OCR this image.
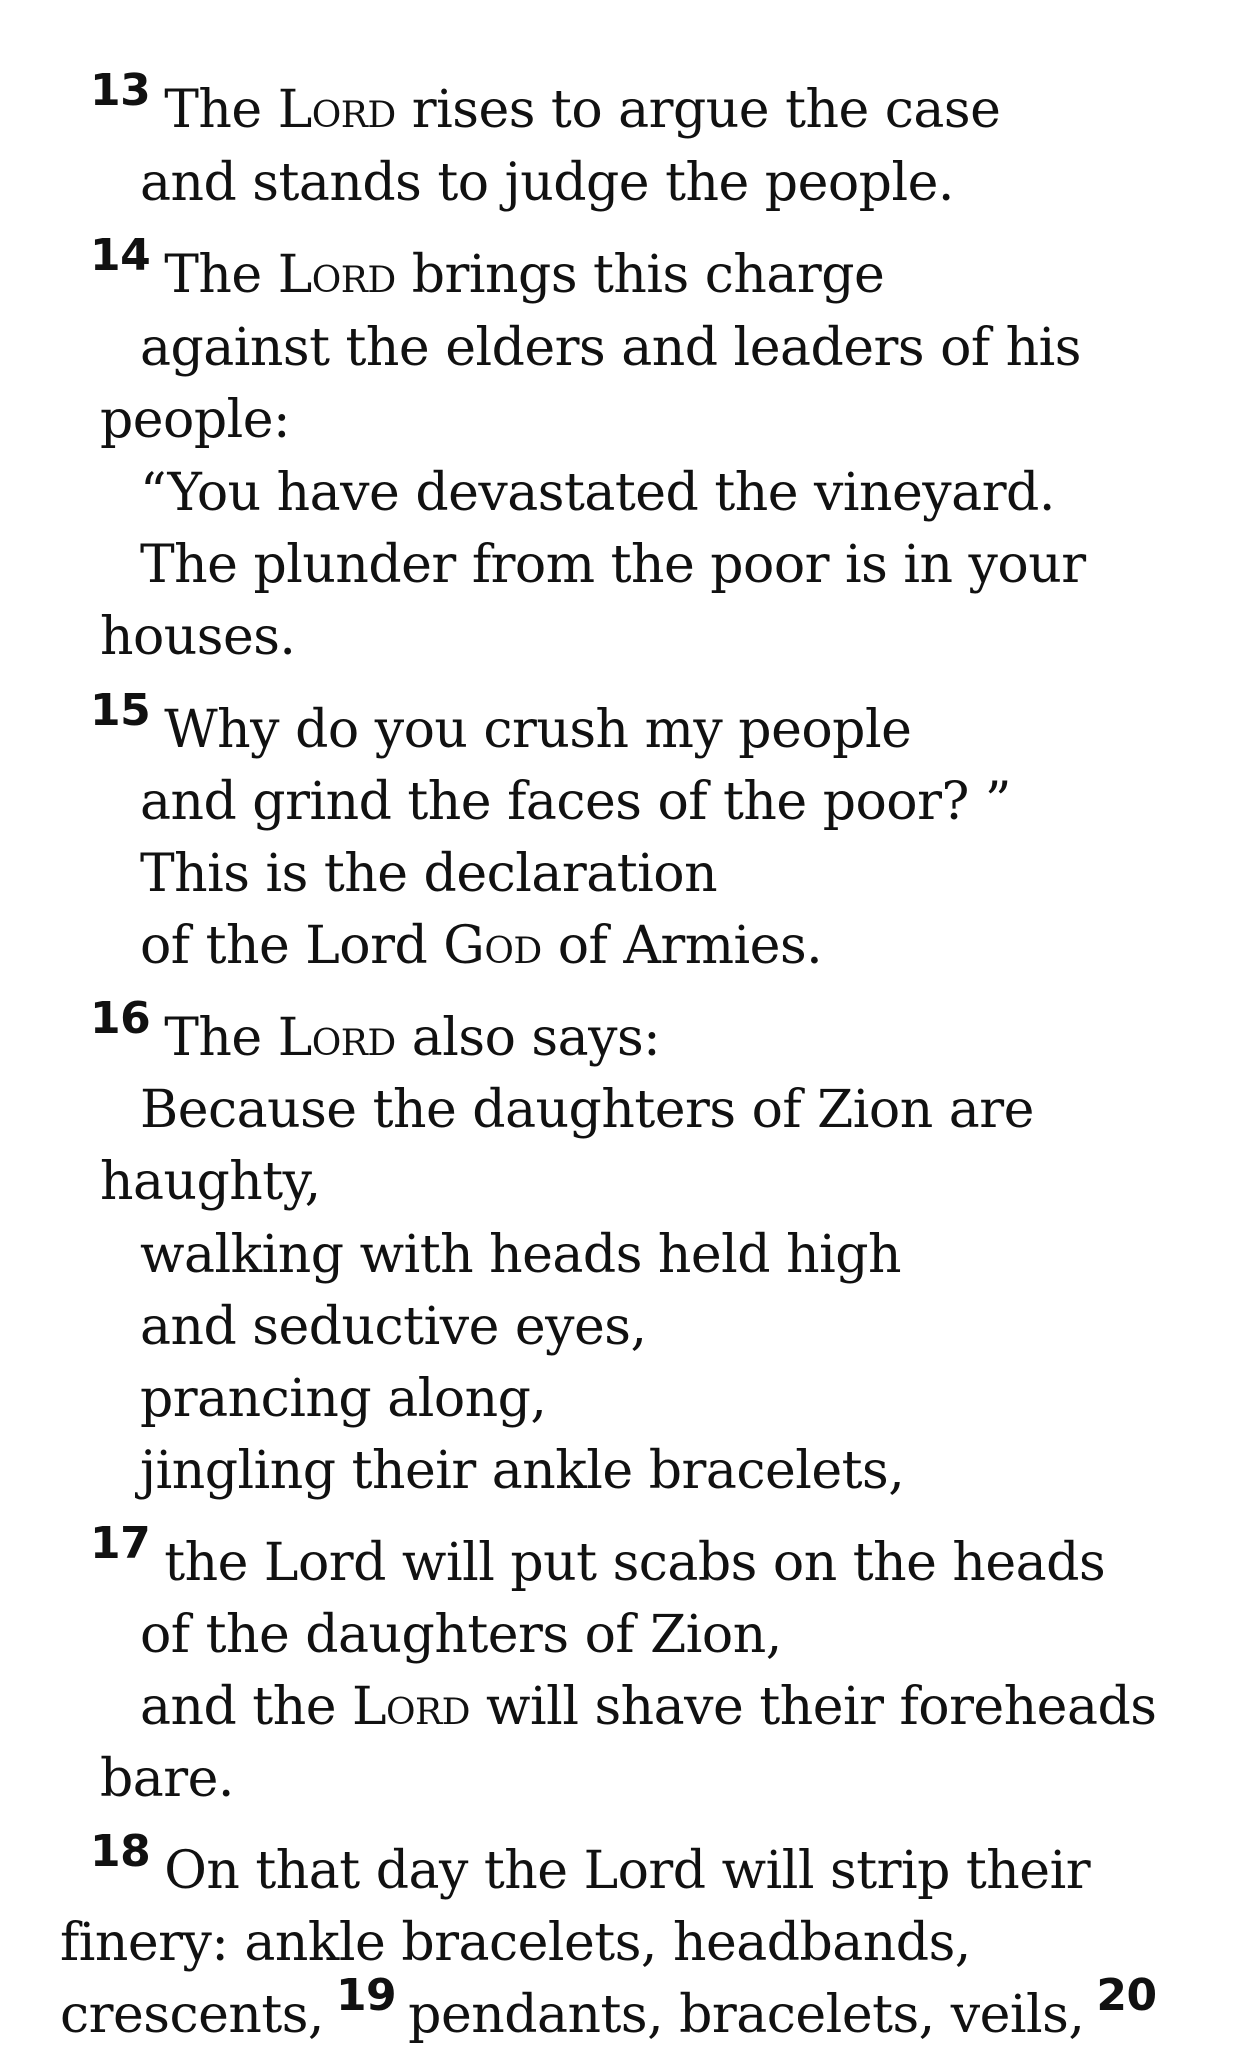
$^{13}$ The Lord rises to argue the case
and stands to judge the people.
$^{14}$ The Lord brings this charge
against the elders and leaders of his
people:
“You have devastated the vineyard.
The plunder from the poor is in your
houses.
$^{15}$ Why do you crush my people
and grind the faces of the poor? ”
This is the declaration
of the Lord God of Armies.
$^{16}$ The Lord also says:
Because the daughters of Zion are
haughty,
walking with heads held high
and seductive eyes,
prancing along,
jingling their ankle bracelets,
$^{17}$ the Lord will put scabs on the heads
of the daughters of Zion,
and the Lord will shave their foreheads
bare.
$^{18}$ On that day the Lord will strip their
finery: ankle bracelets, headbands,
crescents, $^{19}$ pendants, bracelets, veils, $^{20}$
